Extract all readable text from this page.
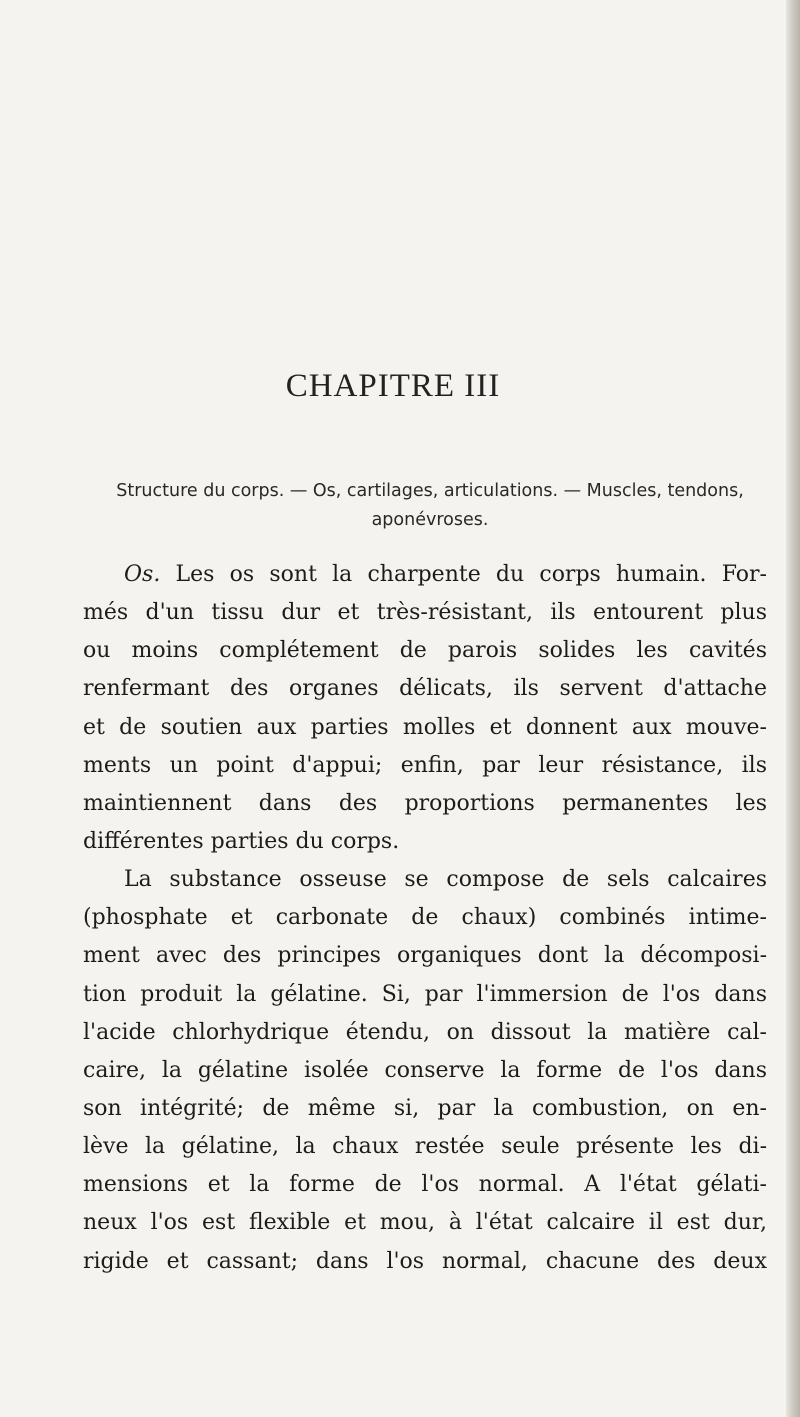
CHAPITRE III
Structure du corps. — Os, cartilages, articulations. — Muscles, tendons,
aponévroses.
Os. Les os sont la charpente du corps humain. For-
més d'un tissu dur et très-résistant, ils entourent plus
ou moins complétement de parois solides les cavités
renfermant des organes délicats, ils servent d'attache
et de soutien aux parties molles et donnent aux mouve-
ments un point d'appui; enfin, par leur résistance, ils
maintiennent dans des proportions permanentes les
différentes parties du corps.
La substance osseuse se compose de sels calcaires
(phosphate et carbonate de chaux) combinés intime-
ment avec des principes organiques dont la décomposi-
tion produit la gélatine. Si, par l'immersion de l'os dans
l'acide chlorhydrique étendu, on dissout la matière cal-
caire, la gélatine isolée conserve la forme de l'os dans
son intégrité; de même si, par la combustion, on en-
lève la gélatine, la chaux restée seule présente les di-
mensions et la forme de l'os normal. A l'état gélati-
neux l'os est flexible et mou, à l'état calcaire il est dur,
rigide et cassant; dans l'os normal, chacune des deux
